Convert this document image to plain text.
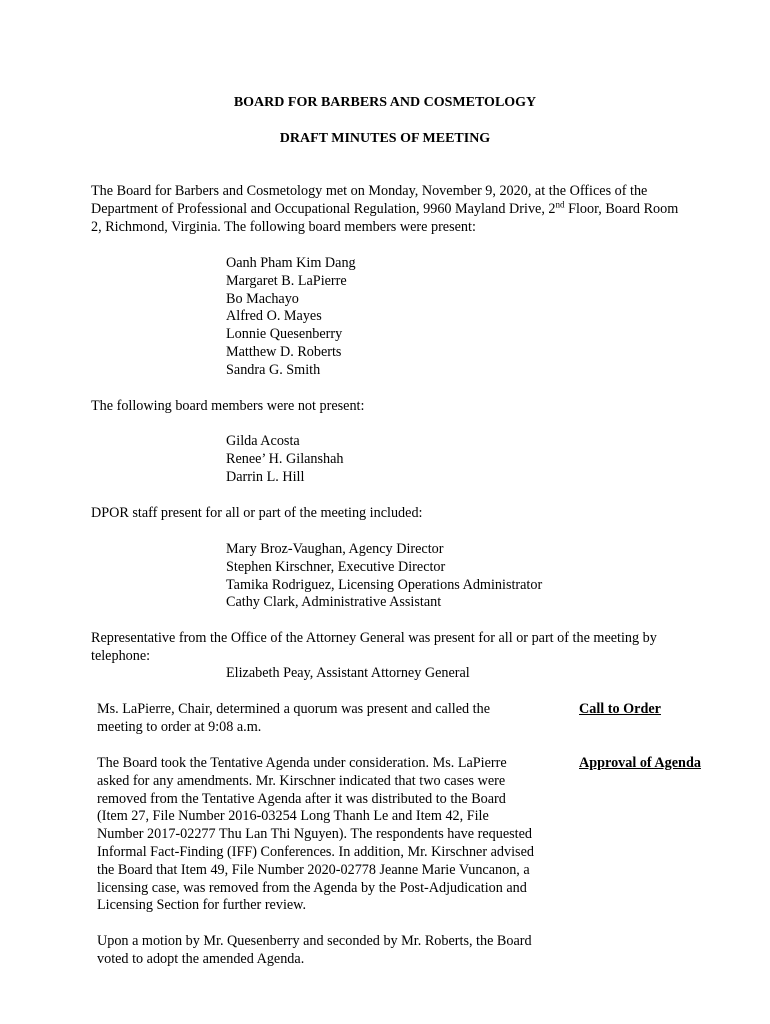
BOARD FOR BARBERS AND COSMETOLOGY
DRAFT MINUTES OF MEETING
The Board for Barbers and Cosmetology met on Monday, November 9, 2020, at the Offices of the
Department of Professional and Occupational Regulation, 9960 Mayland Drive, 2nd Floor, Board Room
2, Richmond, Virginia. The following board members were present:
Oanh Pham Kim Dang
Margaret B. LaPierre
Bo Machayo
Alfred O. Mayes
Lonnie Quesenberry
Matthew D. Roberts
Sandra G. Smith
The following board members were not present:
Gilda Acosta
Renee’ H. Gilanshah
Darrin L. Hill
DPOR staff present for all or part of the meeting included:
Mary Broz-Vaughan, Agency Director
Stephen Kirschner, Executive Director
Tamika Rodriguez, Licensing Operations Administrator
Cathy Clark, Administrative Assistant
Representative from the Office of the Attorney General was present for all or part of the meeting by
telephone:
Elizabeth Peay, Assistant Attorney General
Ms. LaPierre, Chair, determined a quorum was present and called the
meeting to order at 9:08 a.m.
Call to Order
The Board took the Tentative Agenda under consideration. Ms. LaPierre
asked for any amendments. Mr. Kirschner indicated that two cases were
removed from the Tentative Agenda after it was distributed to the Board
(Item 27, File Number 2016-03254 Long Thanh Le and Item 42, File
Number 2017-02277 Thu Lan Thi Nguyen). The respondents have requested
Informal Fact-Finding (IFF) Conferences. In addition, Mr. Kirschner advised
the Board that Item 49, File Number 2020-02778 Jeanne Marie Vuncanon, a
licensing case, was removed from the Agenda by the Post-Adjudication and
Licensing Section for further review.
Approval of Agenda
Upon a motion by Mr. Quesenberry and seconded by Mr. Roberts, the Board
voted to adopt the amended Agenda.
